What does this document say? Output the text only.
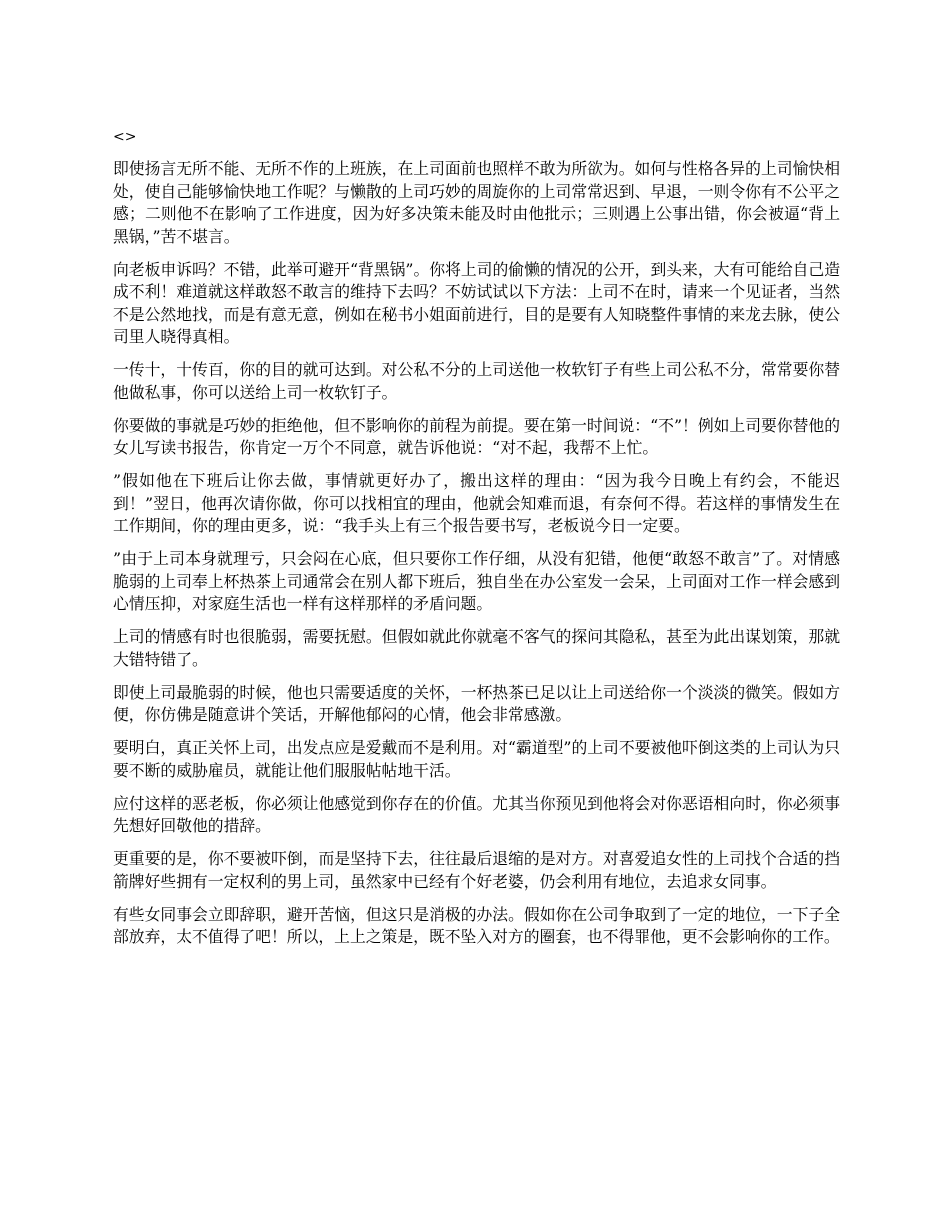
<>

即使扬言无所不能、无所不作的上班族，在上司面前也照样不敢为所欲为。如何与性格各异的上司愉快相处，使自己能够愉快地工作呢？与懒散的上司巧妙的周旋你的上司常常迟到、早退，一则令你有不公平之感；二则他不在影响了工作进度，因为好多决策未能及时由他批示；三则遇上公事出错，你会被逼“背上黑锅，”苦不堪言。

向老板申诉吗？不错，此举可避开“背黑锅”。你将上司的偷懒的情况的公开，到头来，大有可能给自己造成不利！难道就这样敢怒不敢言的维持下去吗？不妨试试以下方法：上司不在时，请来一个见证者，当然不是公然地找，而是有意无意，例如在秘书小姐面前进行，目的是要有人知晓整件事情的来龙去脉，使公司里人晓得真相。

一传十，十传百，你的目的就可达到。对公私不分的上司送他一枚软钉子有些上司公私不分，常常要你替他做私事，你可以送给上司一枚软钉子。

你要做的事就是巧妙的拒绝他，但不影响你的前程为前提。要在第一时间说：“不”！例如上司要你替他的女儿写读书报告，你肯定一万个不同意，就告诉他说：“对不起，我帮不上忙。

”假如他在下班后让你去做，事情就更好办了，搬出这样的理由：“因为我今日晚上有约会，不能迟到！”翌日，他再次请你做，你可以找相宜的理由，他就会知难而退，有奈何不得。若这样的事情发生在工作期间，你的理由更多，说：“我手头上有三个报告要书写，老板说今日一定要。

”由于上司本身就理亏，只会闷在心底，但只要你工作仔细，从没有犯错，他便“敢怒不敢言”了。对情感脆弱的上司奉上杯热茶上司通常会在别人都下班后，独自坐在办公室发一会呆，上司面对工作一样会感到心情压抑，对家庭生活也一样有这样那样的矛盾问题。

上司的情感有时也很脆弱，需要抚慰。但假如就此你就毫不客气的探问其隐私，甚至为此出谋划策，那就大错特错了。

即使上司最脆弱的时候，他也只需要适度的关怀，一杯热茶已足以让上司送给你一个淡淡的微笑。假如方便，你仿佛是随意讲个笑话，开解他郁闷的心情，他会非常感激。

要明白，真正关怀上司，出发点应是爱戴而不是利用。对“霸道型”的上司不要被他吓倒这类的上司认为只要不断的威胁雇员，就能让他们服服帖帖地干活。

应付这样的恶老板，你必须让他感觉到你存在的价值。尤其当你预见到他将会对你恶语相向时，你必须事先想好回敬他的措辞。

更重要的是，你不要被吓倒，而是坚持下去，往往最后退缩的是对方。对喜爱追女性的上司找个合适的挡箭牌好些拥有一定权利的男上司，虽然家中已经有个好老婆，仍会利用有地位，去追求女同事。

有些女同事会立即辞职，避开苦恼，但这只是消极的办法。假如你在公司争取到了一定的地位，一下子全部放弃，太不值得了吧！所以，上上之策是，既不坠入对方的圈套，也不得罪他，更不会影响你的工作。
